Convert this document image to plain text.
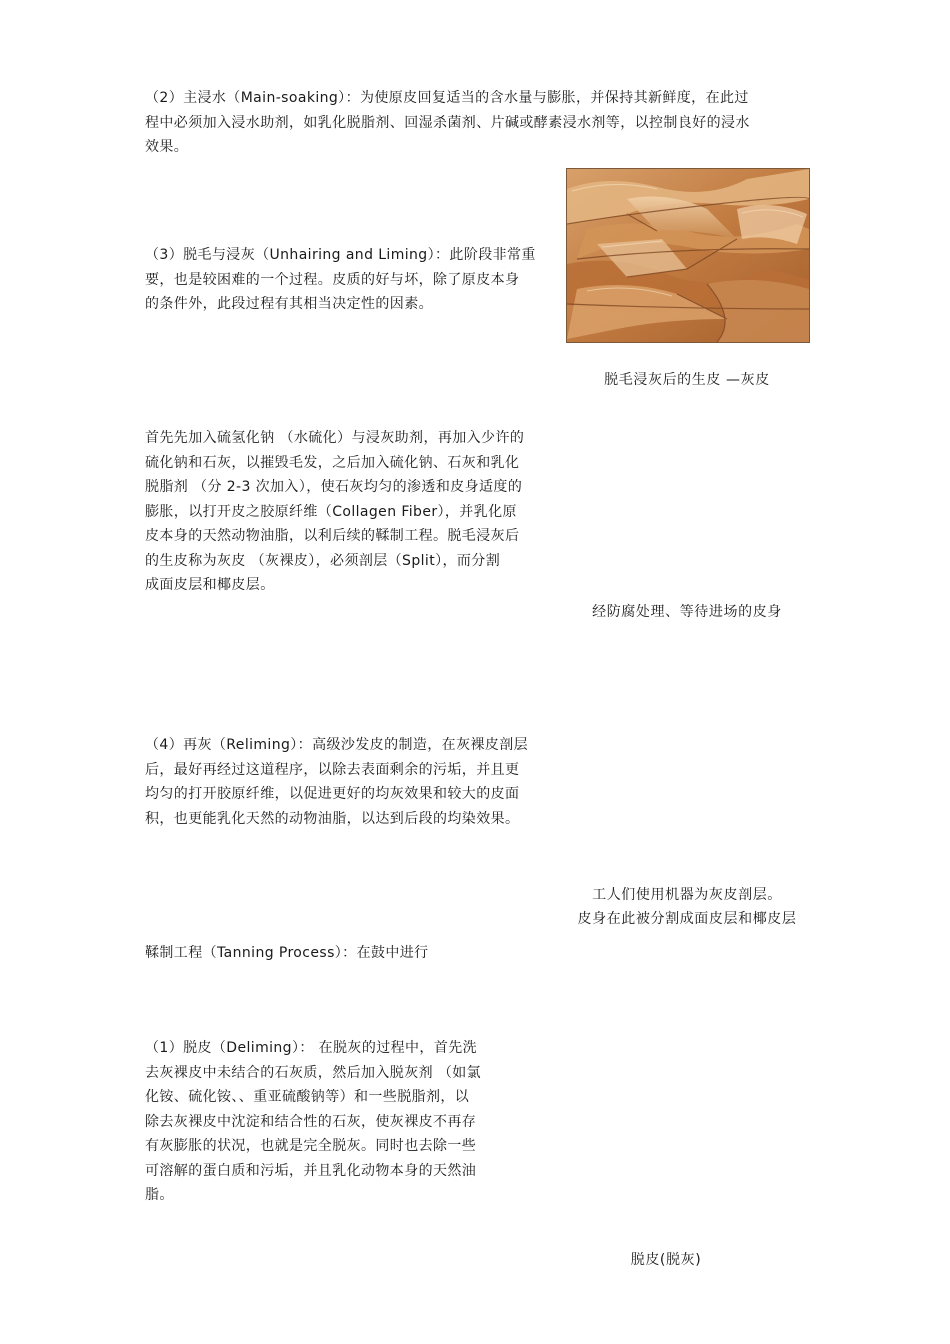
（2）主浸水（Main-soaking）：为使原皮回复适当的含水量与膨胀，并保持其新鲜度，在此过
程中必须加入浸水助剂，如乳化脱脂剂、回湿杀菌剂、片碱或酵素浸水剂等，以控制良好的浸水
效果。
（3）脱毛与浸灰（Unhairing and Liming）：此阶段非常重
要，也是较困难的一个过程。皮质的好与坏，除了原皮本身
的条件外，此段过程有其相当决定性的因素。
脱毛浸灰后的生皮 —灰皮
首先先加入硫氢化钠 （水硫化）与浸灰助剂，再加入少许的
硫化钠和石灰，以摧毁毛发，之后加入硫化钠、石灰和乳化
脱脂剂 （分 2-3 次加入），使石灰均匀的渗透和皮身适度的
膨胀，以打开皮之胶原纤维（Collagen Fiber），并乳化原
皮本身的天然动物油脂，以利后续的鞣制工程。脱毛浸灰后
的生皮称为灰皮 （灰裸皮），必须剖层（Split），而分割
成面皮层和椰皮层。
经防腐处理、等待进场的皮身
（4）再灰（Reliming）：高级沙发皮的制造，在灰裸皮剖层
后，最好再经过这道程序，以除去表面剩余的污垢，并且更
均匀的打开胶原纤维，以促进更好的均灰效果和较大的皮面
积，也更能乳化天然的动物油脂，以达到后段的均染效果。
工人们使用机器为灰皮剖层。
皮身在此被分割成面皮层和椰皮层
鞣制工程（Tanning Process）：在鼓中进行
（1）脱皮（Deliming）： 在脱灰的过程中，首先洗
去灰裸皮中未结合的石灰质，然后加入脱灰剂 （如氯
化铵、硫化铵、、重亚硫酸钠等）和一些脱脂剂，以
除去灰裸皮中沈淀和结合性的石灰，使灰裸皮不再存
有灰膨胀的状况，也就是完全脱灰。同时也去除一些
可溶解的蛋白质和污垢，并且乳化动物本身的天然油
脂。
脱皮(脱灰)
